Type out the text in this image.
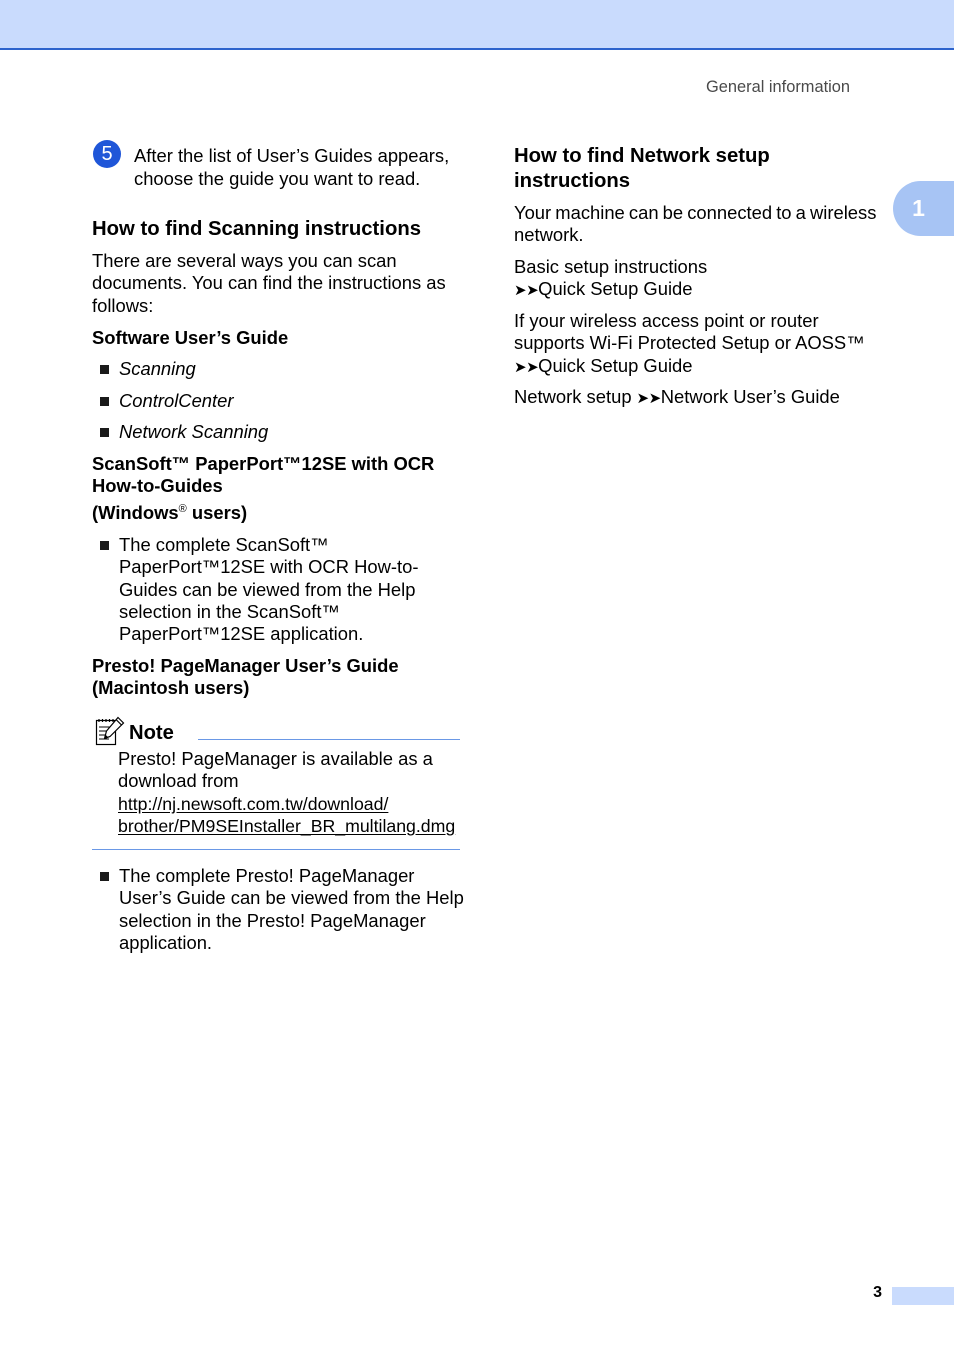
General information
1
5	After the list of User’s Guides appears,
choose the guide you want to read.
How to find Scanning instructions
There are several ways you can scan
documents. You can find the instructions as
follows:
Software User’s Guide
Scanning
ControlCenter
Network Scanning
ScanSoft™ PaperPort™12SE with OCR
How-to-Guides
(Windows® users)
The complete ScanSoft™
PaperPort™12SE with OCR How-to-
Guides can be viewed from the Help
selection in the ScanSoft™
PaperPort™12SE application.
Presto! PageManager User’s Guide
(Macintosh users)
Note
Presto! PageManager is available as a
download from
http://nj.newsoft.com.tw/download/
brother/PM9SEInstaller_BR_multilang.dmg
The complete Presto! PageManager
User’s Guide can be viewed from the Help
selection in the Presto! PageManager
application.
How to find Network setup
instructions
Your machine can be connected to a wireless
network.
Basic setup instructions
➤➤Quick Setup Guide
If your wireless access point or router
supports Wi-Fi Protected Setup or AOSS™
➤➤Quick Setup Guide
Network setup ➤➤Network User’s Guide
3
